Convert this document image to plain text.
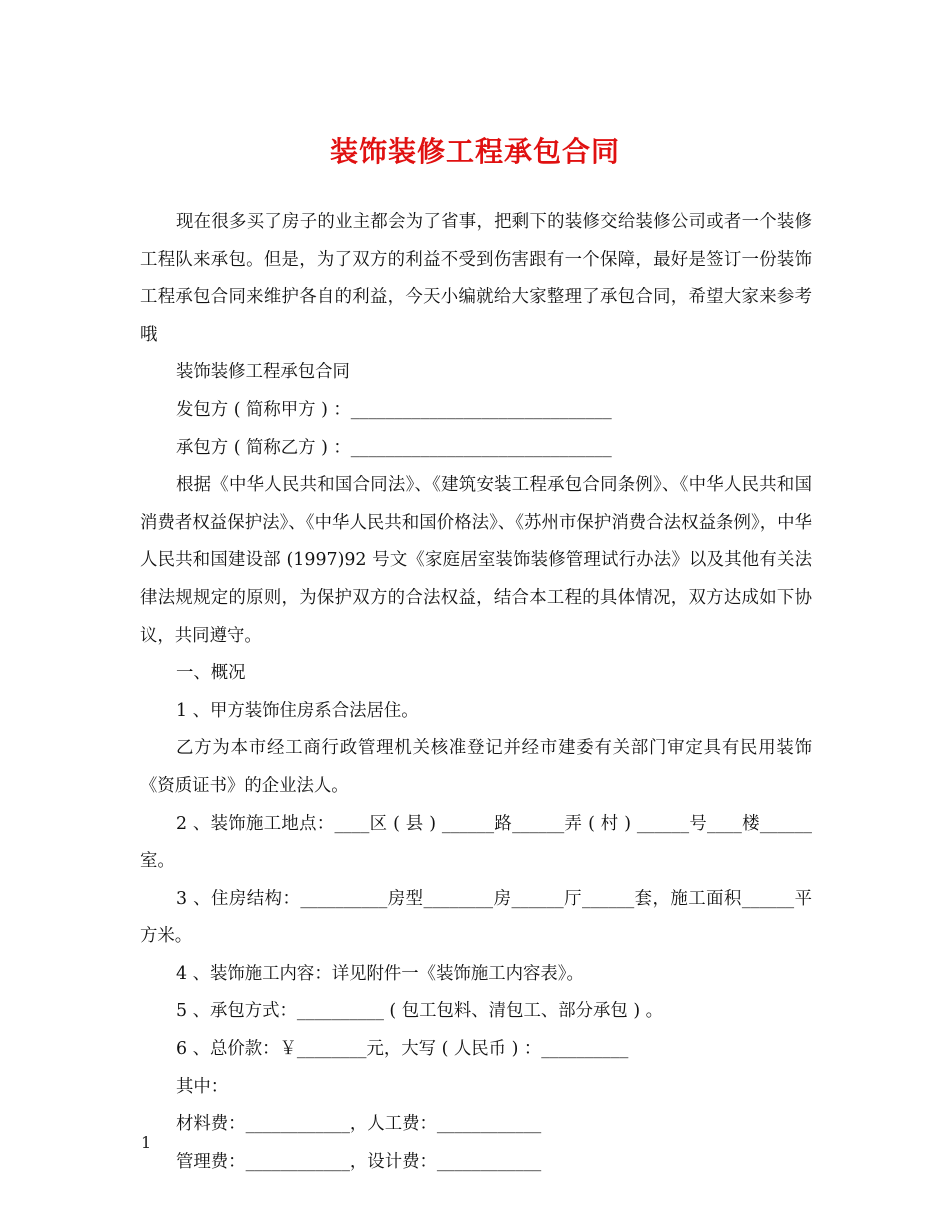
装饰装修工程承包合同

现在很多买了房子的业主都会为了省事，把剩下的装修交给装修公司或者一个装修工程队来承包。但是，为了双方的利益不受到伤害跟有一个保障，最好是签订一份装饰工程承包合同来维护各自的利益，今天小编就给大家整理了承包合同，希望大家来参考哦

装饰装修工程承包合同

发包方 ( 简称甲方 ) ：______________________________

承包方 ( 简称乙方 ) ：______________________________

根据《中华人民共和国合同法》、《建筑安装工程承包合同条例》、《中华人民共和国消费者权益保护法》、《中华人民共和国价格法》、《苏州市保护消费合法权益条例》，中华人民共和国建设部 (1997)92 号文《家庭居室装饰装修管理试行办法》以及其他有关法律法规规定的原则，为保护双方的合法权益，结合本工程的具体情况，双方达成如下协议，共同遵守。

一、概况

1 、甲方装饰住房系合法居住。

乙方为本市经工商行政管理机关核准登记并经市建委有关部门审定具有民用装饰《资质证书》的企业法人。

2 、装饰施工地点：____区 ( 县 ) ______路______弄 ( 村 ) ______号____楼______室。

3 、住房结构：__________房型________房______厅______套，施工面积______平方米。

4 、装饰施工内容：详见附件一《装饰施工内容表》。

5 、承包方式：__________ ( 包工包料、清包工、部分承包 ) 。

6 、总价款：￥________元，大写 ( 人民币 ) ：__________

其中：

材料费：____________，人工费：____________

管理费：____________，设计费：____________

1
